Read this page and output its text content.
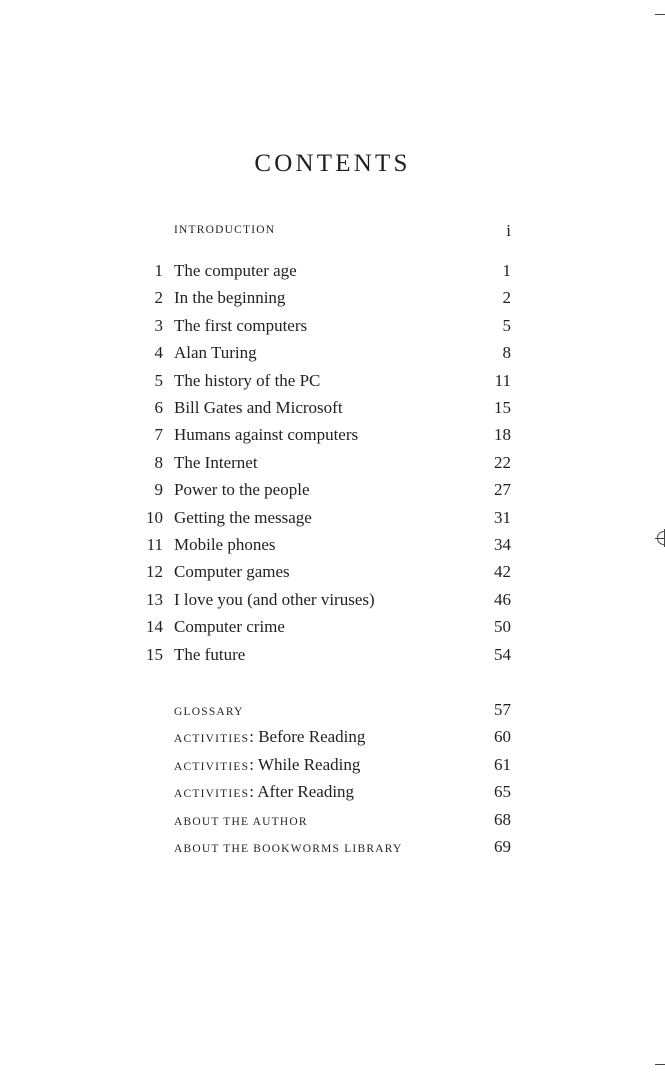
CONTENTS
INTRODUCTION	i
1 The computer age	1
2 In the beginning	2
3 The first computers	5
4 Alan Turing	8
5 The history of the PC	11
6 Bill Gates and Microsoft	15
7 Humans against computers	18
8 The Internet	22
9 Power to the people	27
10 Getting the message	31
11 Mobile phones	34
12 Computer games	42
13 I love you (and other viruses)	46
14 Computer crime	50
15 The future	54
GLOSSARY	57
ACTIVITIES: Before Reading	60
ACTIVITIES: While Reading	61
ACTIVITIES: After Reading	65
ABOUT THE AUTHOR	68
ABOUT THE BOOKWORMS LIBRARY	69
